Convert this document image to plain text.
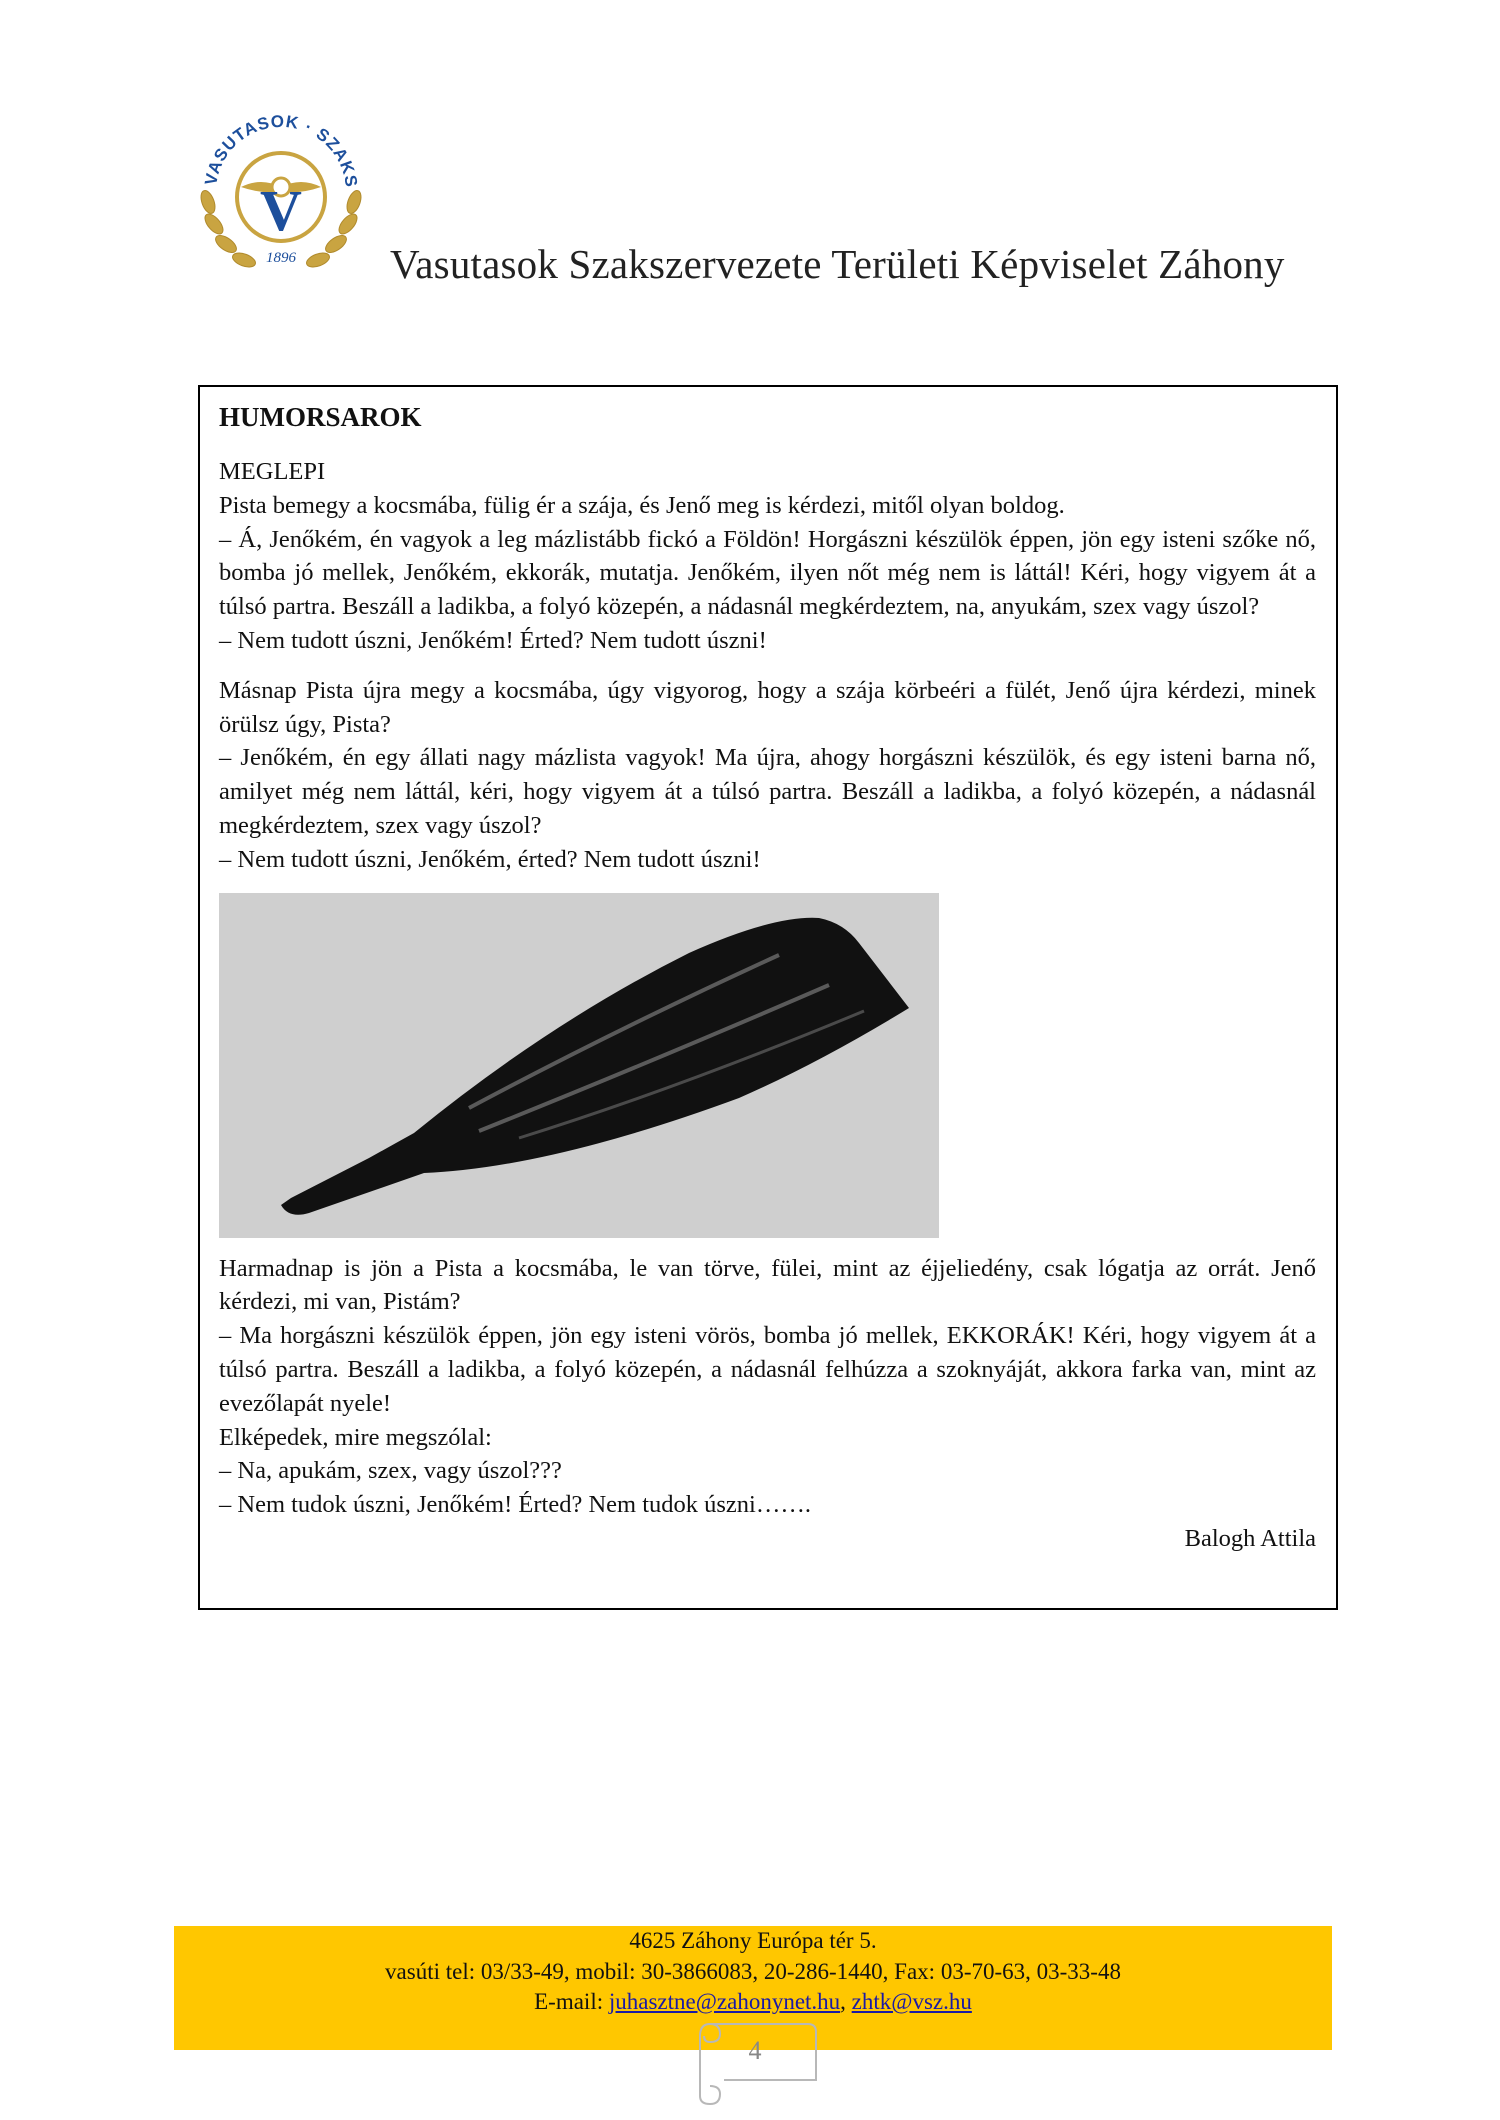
VASUTASOK · SZAKS
V
1896 Vasutasok Szakszervezete Területi Képviselet Záhony
HUMORSAROK

MEGLEPI

Pista bemegy a kocsmába, fülig ér a szája, és Jenő meg is kérdezi, mitől olyan boldog.

– Á, Jenőkém, én vagyok a leg mázlistább fickó a Földön! Horgászni készülök éppen, jön egy isteni szőke nő, bomba jó mellek, Jenőkém, ekkorák, mutatja. Jenőkém, ilyen nőt még nem is láttál! Kéri, hogy vigyem át a túlsó partra. Beszáll a ladikba, a folyó közepén, a nádasnál megkérdeztem, na, anyukám, szex vagy úszol?

– Nem tudott úszni, Jenőkém! Érted? Nem tudott úszni!

Másnap Pista újra megy a kocsmába, úgy vigyorog, hogy a szája körbeéri a fülét, Jenő újra kérdezi, minek örülsz úgy, Pista?

– Jenőkém, én egy állati nagy mázlista vagyok! Ma újra, ahogy horgászni készülök, és egy isteni barna nő, amilyet még nem láttál, kéri, hogy vigyem át a túlsó partra. Beszáll a ladikba, a folyó közepén, a nádasnál megkérdeztem, szex vagy úszol?

– Nem tudott úszni, Jenőkém, érted? Nem tudott úszni!

Harmadnap is jön a Pista a kocsmába, le van törve, fülei, mint az éjjeliedény, csak lógatja az orrát. Jenő kérdezi, mi van, Pistám?

– Ma horgászni készülök éppen, jön egy isteni vörös, bomba jó mellek, EKKORÁK! Kéri, hogy vigyem át a túlsó partra. Beszáll a ladikba, a folyó közepén, a nádasnál felhúzza a szoknyáját, akkora farka van, mint az evezőlapát nyele!

Elképedek, mire megszólal:

– Na, apukám, szex, vagy úszol???

– Nem tudok úszni, Jenőkém! Érted? Nem tudok úszni…….

Balogh Attila

4625 Záhony Európa tér 5.
vasúti tel: 03/33-49, mobil: 30-3866083, 20-286-1440, Fax: 03-70-63, 03-33-48
E-mail: juhasztne@zahonynet.hu, zhtk@vsz.hu
4
